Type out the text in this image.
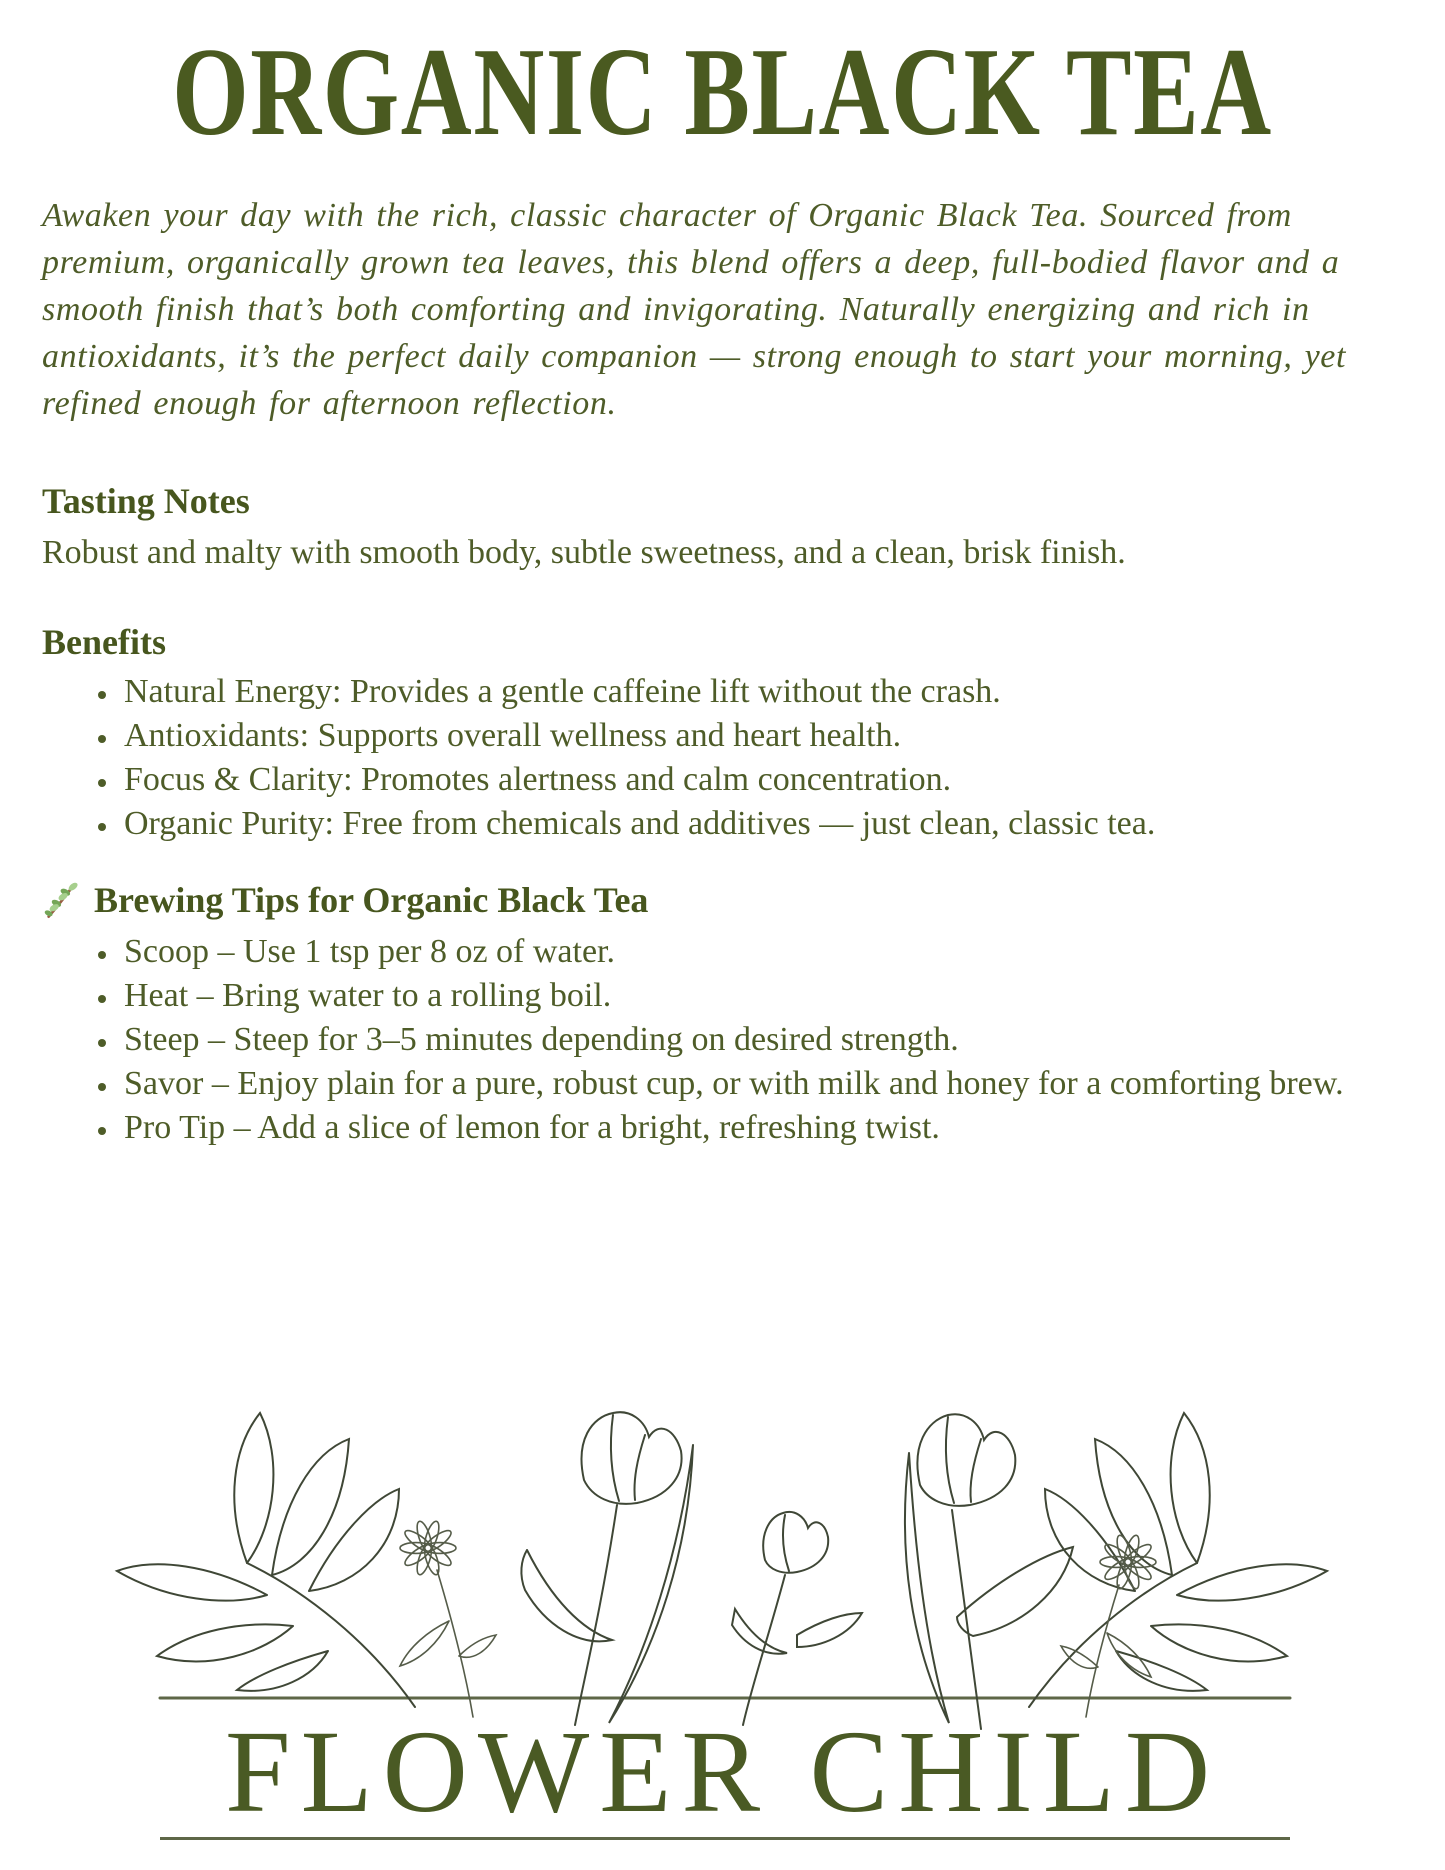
ORGANIC BLACK TEA

Awaken your day with the rich, classic character of Organic Black Tea. Sourced from premium, organically grown tea leaves, this blend offers a deep, full-bodied flavor and a smooth finish that’s both comforting and invigorating. Naturally energizing and rich in antioxidants, it’s the perfect daily companion — strong enough to start your morning, yet refined enough for afternoon reflection.

Tasting Notes

Robust and malty with smooth body, subtle sweetness, and a clean, brisk finish.

Benefits
• Natural Energy: Provides a gentle caffeine lift without the crash.
• Antioxidants: Supports overall wellness and heart health.
• Focus & Clarity: Promotes alertness and calm concentration.
• Organic Purity: Free from chemicals and additives — just clean, classic tea.
Brewing Tips for Organic Black Tea
• Scoop – Use 1 tsp per 8 oz of water.
• Heat – Bring water to a rolling boil.
• Steep – Steep for 3–5 minutes depending on desired strength.
• Savor – Enjoy plain for a pure, robust cup, or with milk and honey for a comforting brew.
• Pro Tip – Add a slice of lemon for a bright, refreshing twist.
FLOWER CHILD
